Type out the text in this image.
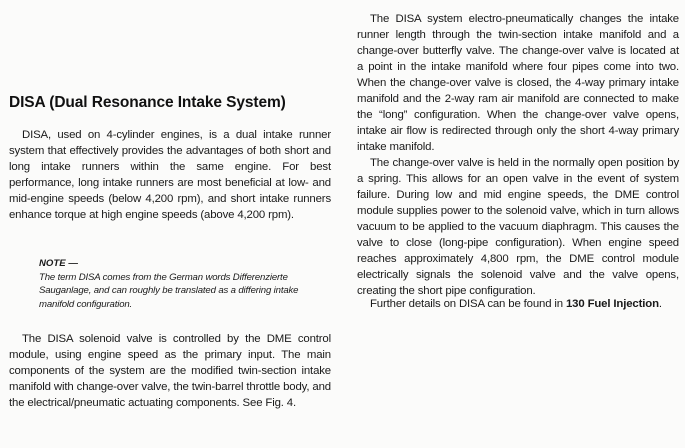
DISA (Dual Resonance Intake System)

DISA, used on 4-cylinder engines, is a dual intake runner system that effectively provides the advantages of both short and long intake runners within the same engine. For best performance, long intake runners are most beneficial at low- and mid-engine speeds (below 4,200 rpm), and short intake runners enhance torque at high engine speeds (above 4,200 rpm).

NOTE —

The term DISA comes from the German words Differenzierte Sauganlage, and can roughly be translated as a differing intake manifold configuration.

The DISA solenoid valve is controlled by the DME control module, using engine speed as the primary input. The main components of the system are the modified twin-section intake manifold with change-over valve, the twin-barrel throttle body, and the electrical/pneumatic actuating components. See Fig. 4.

The DISA system electro-pneumatically changes the intake runner length through the twin-section intake manifold and a change-over butterfly valve. The change-over valve is located at a point in the intake manifold where four pipes come into two. When the change-over valve is closed, the 4-way primary intake manifold and the 2-way ram air manifold are connected to make the “long” configuration. When the change-over valve opens, intake air flow is redirected through only the short 4-way primary intake manifold.

The change-over valve is held in the normally open position by a spring. This allows for an open valve in the event of system failure. During low and mid engine speeds, the DME control module supplies power to the solenoid valve, which in turn allows vacuum to be applied to the vacuum diaphragm. This causes the valve to close (long-pipe configuration). When engine speed reaches approximately 4,800 rpm, the DME control module electrically signals the solenoid valve and the valve opens, creating the short pipe configuration.

Further details on DISA can be found in 130 Fuel Injection.
